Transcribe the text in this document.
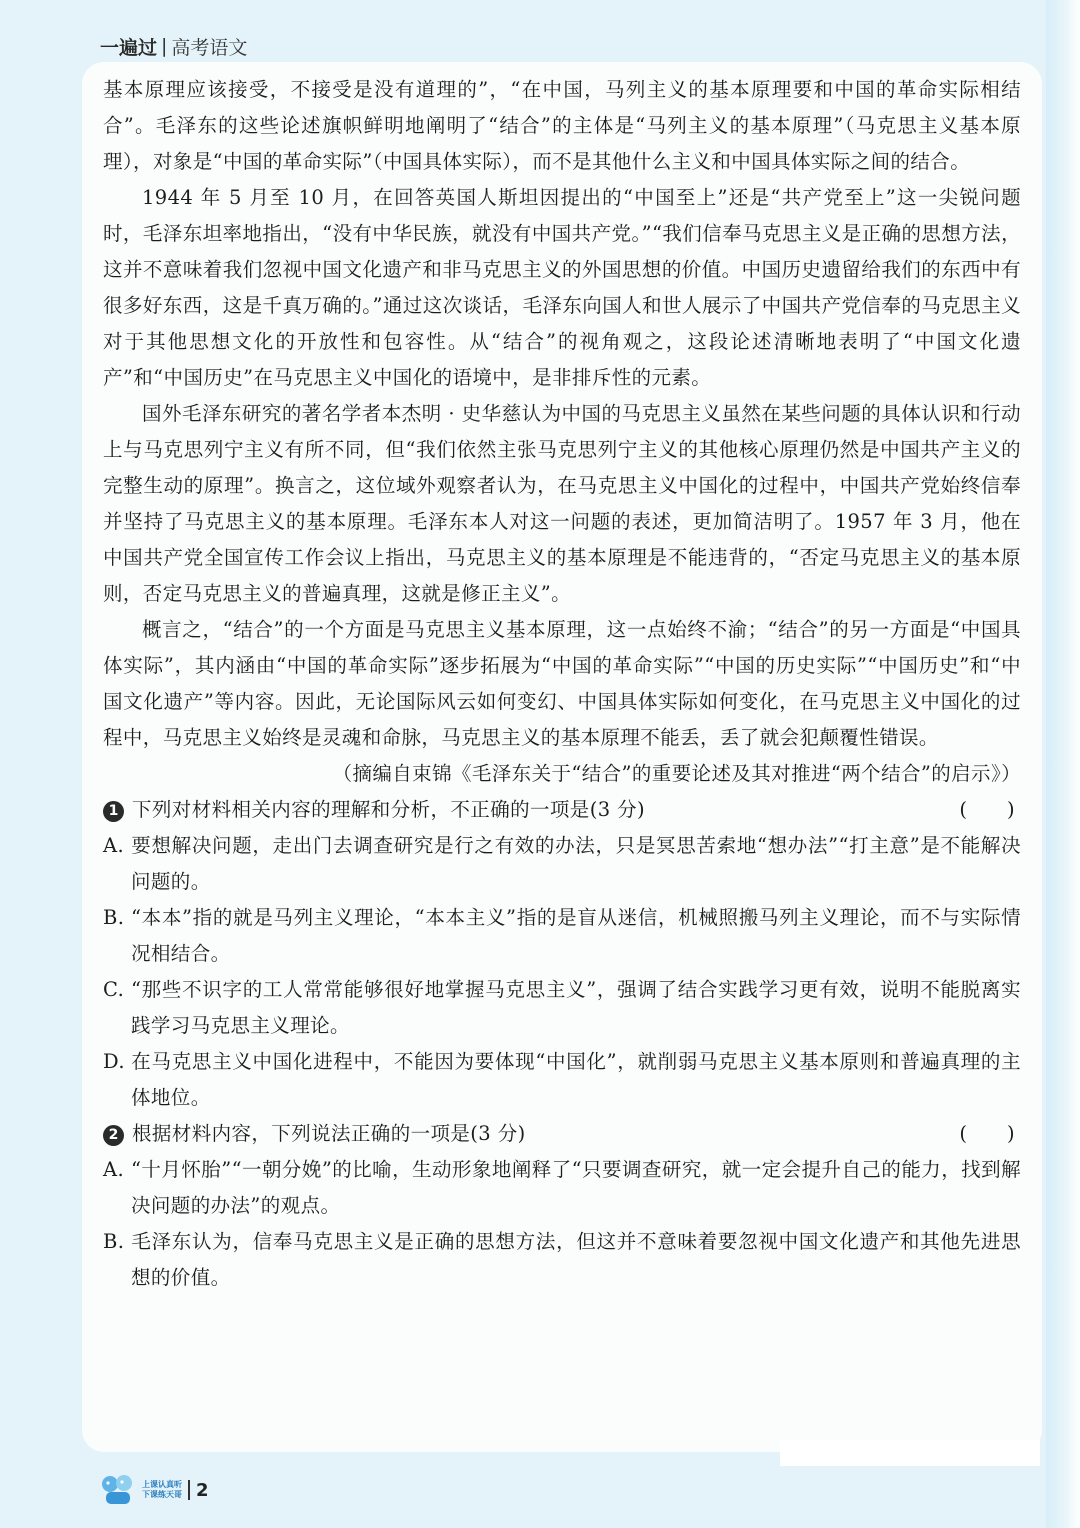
一遍过 | 高考语文

基本原理应该接受，不接受是没有道理的”，“在中国，马列主义的基本原理要和中国的革命实际相结合”。毛泽东的这些论述旗帜鲜明地阐明了“结合”的主体是“马列主义的基本原理”（马克思主义基本原理），对象是“中国的革命实际”（中国具体实际），而不是其他什么主义和中国具体实际之间的结合。

1944 年 5 月至 10 月，在回答英国人斯坦因提出的“中国至上”还是“共产党至上”这一尖锐问题时，毛泽东坦率地指出，“没有中华民族，就没有中国共产党。”“我们信奉马克思主义是正确的思想方法，这并不意味着我们忽视中国文化遗产和非马克思主义的外国思想的价值。中国历史遗留给我们的东西中有很多好东西，这是千真万确的。”通过这次谈话，毛泽东向国人和世人展示了中国共产党信奉的马克思主义对于其他思想文化的开放性和包容性。从“结合”的视角观之，这段论述清晰地表明了“中国文化遗产”和“中国历史”在马克思主义中国化的语境中，是非排斥性的元素。

国外毛泽东研究的著名学者本杰明 · 史华慈认为中国的马克思主义虽然在某些问题的具体认识和行动上与马克思列宁主义有所不同，但“我们依然主张马克思列宁主义的其他核心原理仍然是中国共产主义的完整生动的原理”。换言之，这位域外观察者认为，在马克思主义中国化的过程中，中国共产党始终信奉并坚持了马克思主义的基本原理。毛泽东本人对这一问题的表述，更加简洁明了。1957 年 3 月，他在中国共产党全国宣传工作会议上指出，马克思主义的基本原理是不能违背的，“否定马克思主义的基本原则，否定马克思主义的普遍真理，这就是修正主义”。

概言之，“结合”的一个方面是马克思主义基本原理，这一点始终不渝；“结合”的另一方面是“中国具体实际”，其内涵由“中国的革命实际”逐步拓展为“中国的革命实际”“中国的历史实际”“中国历史”和“中国文化遗产”等内容。因此，无论国际风云如何变幻、中国具体实际如何变化，在马克思主义中国化的过程中，马克思主义始终是灵魂和命脉，马克思主义的基本原理不能丢，丢了就会犯颠覆性错误。

（摘编自束锦《毛泽东关于“结合”的重要论述及其对推进“两个结合”的启示》）

1 下列对材料相关内容的理解和分析，不正确的一项是(3 分)	(      )

A. 要想解决问题，走出门去调查研究是行之有效的办法，只是冥思苦索地“想办法”“打主意”是不能解决问题的。

B. “本本”指的就是马列主义理论，“本本主义”指的是盲从迷信，机械照搬马列主义理论，而不与实际情况相结合。

C. “那些不识字的工人常常能够很好地掌握马克思主义”，强调了结合实践学习更有效，说明不能脱离实践学习马克思主义理论。

D. 在马克思主义中国化进程中，不能因为要体现“中国化”，就削弱马克思主义基本原则和普遍真理的主体地位。

2 根据材料内容，下列说法正确的一项是(3 分)	(      )

A. “十月怀胎”“一朝分娩”的比喻，生动形象地阐释了“只要调查研究，就一定会提升自己的能力，找到解决问题的办法”的观点。

B. 毛泽东认为，信奉马克思主义是正确的思想方法，但这并不意味着要忽视中国文化遗产和其他先进思想的价值。

上课认真听
下课练天哥 2
